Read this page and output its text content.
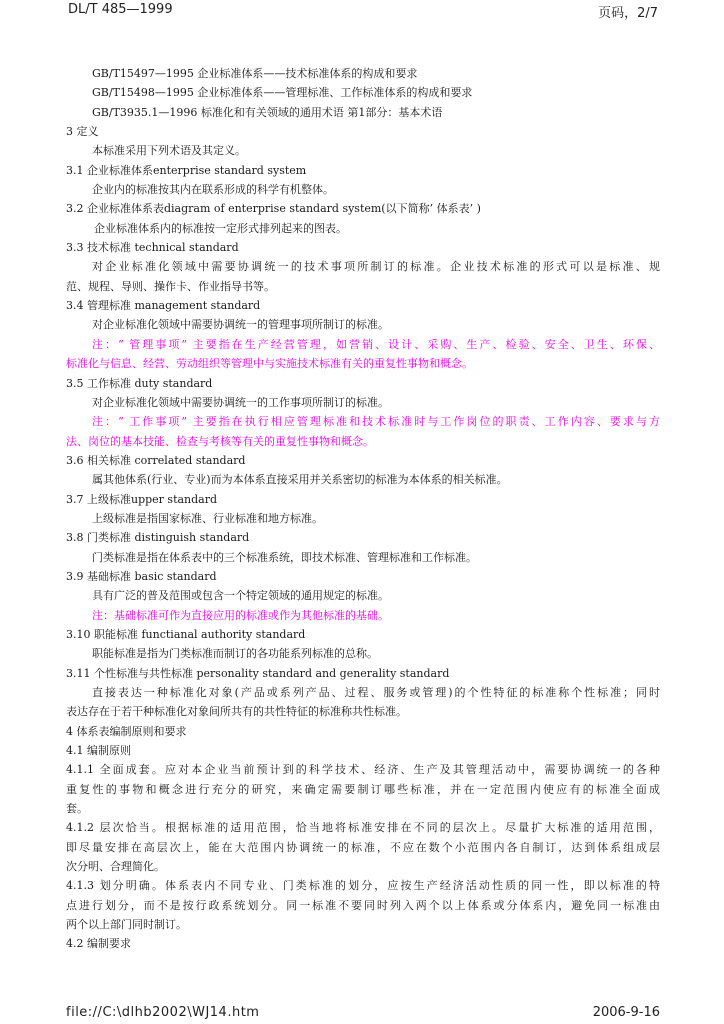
DL/T 485—1999	页码，2/7
GB/T15497—1995 企业标准体系——技术标准体系的构成和要求
GB/T15498—1995 企业标准体系——管理标准、工作标准体系的构成和要求
GB/T3935.1—1996 标准化和有关领域的通用术语 第1部分：基本术语
3 定义
本标准采用下列术语及其定义。
3.1 企业标准体系enterprise standard system
企业内的标准按其内在联系形成的科学有机整体。
3.2 企业标准体系表diagram of enterprise standard system(以下简称’ 体系表’ )
企业标准体系内的标准按一定形式排列起来的图表。
3.3 技术标准 technical standard
对企业标准化领域中需要协调统一的技术事项所制订的标准。企业技术标准的形式可以是标准、规
范、规程、导则、操作卡、作业指导书等。
3.4 管理标准 management standard
对企业标准化领域中需要协调统一的管理事项所制订的标准。
注：“ 管理事项” 主要指在生产经营管理，如营销、设计、采购、生产、检验、安全、卫生、环保、
标准化与信息、经营、劳动组织等管理中与实施技术标准有关的重复性事物和概念。
3.5 工作标准 duty standard
对企业标准化领域中需要协调统一的工作事项所制订的标准。
注：“ 工作事项” 主要指在执行相应管理标准和技术标准时与工作岗位的职责、工作内容、要求与方
法、岗位的基本技能、检查与考核等有关的重复性事物和概念。
3.6 相关标准 correlated standard
属其他体系(行业、专业)而为本体系直接采用并关系密切的标准为本体系的相关标准。
3.7 上级标准upper standard
上级标准是指国家标准、行业标准和地方标准。
3.8 门类标准 distinguish standard
门类标准是指在体系表中的三个标准系统，即技术标准、管理标准和工作标准。
3.9 基础标准 basic standard
具有广泛的普及范围或包含一个特定领域的通用规定的标准。
注：基础标准可作为直接应用的标准或作为其他标准的基础。
3.10 职能标准 functianal authority standard
职能标准是指为门类标准而制订的各功能系列标准的总称。
3.11 个性标准与共性标准 personality standard and generality standard
直接表达一种标准化对象(产品或系列产品、过程、服务或管理)的个性特征的标准称个性标准；同时
表达存在于若干种标准化对象间所共有的共性特征的标准称共性标准。
4 体系表编制原则和要求
4.1 编制原则
4.1.1 全面成套。应对本企业当前预计到的科学技术、经济、生产及其管理活动中，需要协调统一的各种
重复性的事物和概念进行充分的研究，来确定需要制订哪些标准，并在一定范围内使应有的标准全面成
套。
4.1.2 层次恰当。根据标准的适用范围，恰当地将标准安排在不同的层次上。尽量扩大标准的适用范围，
即尽量安排在高层次上，能在大范围内协调统一的标准，不应在数个小范围内各自制订，达到体系组成层
次分明、合理简化。
4.1.3 划分明确。体系表内不同专业、门类标准的划分，应按生产经济活动性质的同一性，即以标准的特
点进行划分，而不是按行政系统划分。同一标准不要同时列入两个以上体系或分体系内，避免同一标准由
两个以上部门同时制订。
4.2 编制要求
file://C:\dlhb2002\WJ14.htm	2006-9-16
